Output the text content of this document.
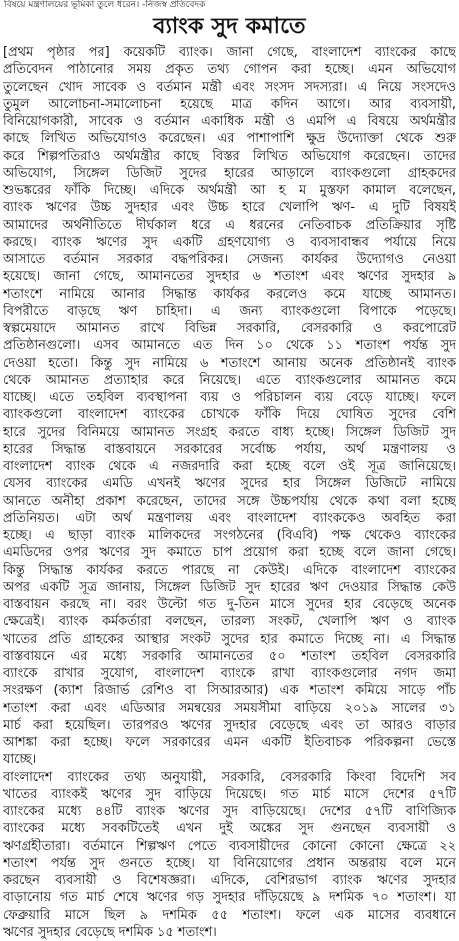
বিষয়ে মন্ত্রণালয়ের ভূমিকা তুলে ধরেন। -নিজস্ব প্রতিবেদক
ব্যাংক সুদ কমাতে
[প্রথম পৃষ্ঠার পর] কয়েকটি ব্যাংক। জানা গেছে, বাংলাদেশ ব্যাংকের কাছে
প্রতিবেদন পাঠানোর সময় প্রকৃত তথ্য গোপন করা হচ্ছে। এমন অভিযোগ
তুলেছেন খোদ সাবেক ও বর্তমান মন্ত্রী এবং সংসদ সদস্যরা। এ নিয়ে সংসদেও
তুমুল আলোচনা-সমালোচনা হয়েছে মাত্র কদিন আগে। আর ব্যবসায়ী,
বিনিয়োগকারী, সাবেক ও বর্তমান একাধিক মন্ত্রী ও এমপি এ বিষয়ে অর্থমন্ত্রীর
কাছে লিখিত অভিযোগও করেছেন। এর পাশাপাশি ক্ষুদ্র উদ্যোক্তা থেকে শুরু
করে শিল্পপতিরাও অর্থমন্ত্রীর কাছে বিস্তর লিখিত অভিযোগ করেছেন। তাদের
অভিযোগ, সিঙ্গেল ডিজিট সুদের হারের আড়ালে ব্যাংকগুলো গ্রাহকদের
শুভঙ্করের ফাঁকি দিচ্ছে। এদিকে অর্থমন্ত্রী আ হ ম মুস্তফা কামাল বলেছেন,
ব্যাংক ঋণের উচ্চ সুদহার এবং উচ্চ হারে খেলাপি ঋণ- এ দুটি বিষয়ই
আমাদের অর্থনীতিতে দীর্ঘকাল ধরে এ ধরনের নেতিবাচক প্রতিক্রিয়ার সৃষ্টি
করছে। ব্যাংক ঋণের সুদ একটি গ্রহণযোগ্য ও ব্যবসাবান্ধব পর্যায়ে নিয়ে
আসাতে বর্তমান সরকার বদ্ধপরিকর। সেজন্য কার্যকর উদ্যোগও নেওয়া
হয়েছে। জানা গেছে, আমানতের সুদহার ৬ শতাংশ এবং ঋণের সুদহার ৯
শতাংশে নামিয়ে আনার সিদ্ধান্ত কার্যকর করলেও কমে যাচ্ছে আমানত।
বিপরীতে বাড়ছে ঋণ চাহিদা। এ জন্য ব্যাংকগুলো বিপাকে পড়েছে।
স্বল্পমেয়াদে আমানত রাখে বিভিন্ন সরকারি, বেসরকারি ও করপোরেট
প্রতিষ্ঠানগুলো। এসব আমানতে এত দিন ১০ থেকে ১১ শতাংশ পর্যন্ত সুদ
দেওয়া হতো। কিন্তু সুদ নামিয়ে ৬ শতাংশে আনায় অনেক প্রতিষ্ঠানই ব্যাংক
থেকে আমানত প্রত্যাহার করে নিয়েছে। এতে ব্যাংকগুলোর আমানত কমে
যাচ্ছে। এতে তহবিল ব্যবস্থাপনা ব্যয় ও পরিচালন ব্যয় বেড়ে যাচ্ছে। ফলে
ব্যাংকগুলো বাংলাদেশ ব্যাংকের চোখকে ফাঁকি দিয়ে ঘোষিত সুদের বেশি
হারে সুদের বিনিময়ে আমানত সংগ্রহ করতে বাধ্য হচ্ছে। সিঙ্গেল ডিজিট সুদ
হারের সিদ্ধান্ত বাস্তবায়নে সরকারের সর্বোচ্চ পর্যায়, অর্থ মন্ত্রণালয় ও
বাংলাদেশ ব্যাংক থেকে এ নজরদারি করা হচ্ছে বলে ওই সূত্র জানিয়েছে।
যেসব ব্যাংকের এমডি এখনই ঋণের সুদের হার সিঙ্গেল ডিজিটে নামিয়ে
আনতে অনীহা প্রকাশ করেছেন, তাদের সঙ্গে উচ্চপর্যায় থেকে কথা বলা হচ্ছে
প্রতিনিয়ত। এটা অর্থ মন্ত্রণালয় এবং বাংলাদেশ ব্যাংককেও অবহিত করা
হচ্ছে। এ ছাড়া ব্যাংক মালিকদের সংগঠনের (বিএবি) পক্ষ থেকেও ব্যাংকের
এমডিদের ওপর ঋণের সুদ কমাতে চাপ প্রয়োগ করা হচ্ছে বলে জানা গেছে।
কিন্তু সিদ্ধান্ত কার্যকর করতে পারছে না কেউই। এদিকে বাংলাদেশ ব্যাংকের
অপর একটি সূত্র জানায়, সিঙ্গেল ডিজিট সুদ হারের ঋণ দেওয়ার সিদ্ধান্ত কেউ
বাস্তবায়ন করছে না। বরং উল্টো গত দু-তিন মাসে সুদের হার বেড়েছে অনেক
ক্ষেত্রেই। ব্যাংক কর্মকর্তারা বলছেন, তারল্য সংকট, খেলাপি ঋণ ও ব্যাংক
খাতের প্রতি গ্রাহকের আস্থার সংকট সুদের হার কমাতে দিচ্ছে না। এ সিদ্ধান্ত
বাস্তবায়নে এর মধ্যে সরকারি আমানতের ৫০ শতাংশ তহবিল বেসরকারি
ব্যাংকে রাখার সুযোগ, বাংলাদেশ ব্যাংকে রাখা ব্যাংকগুলোর নগদ জমা
সংরক্ষণ (ক্যাশ রিজার্ভ রেশিও বা সিআরআর) এক শতাংশ কমিয়ে সাড়ে পাঁচ
শতাংশ করা এবং এডিআর সমন্বয়ের সময়সীমা বাড়িয়ে ২০১৯ সালের ৩১
মার্চ করা হয়েছিল। তারপরও ঋণের সুদহার বেড়েছে এবং তা আরও বাড়ার
আশঙ্কা করা হচ্ছে। ফলে সরকারের এমন একটি ইতিবাচক পরিকল্পনা ভেস্তে
যাচ্ছে।
বাংলাদেশ ব্যাংকের তথ্য অনুযায়ী, সরকারি, বেসরকারি কিংবা বিদেশি সব
খাতের ব্যাংকই ঋণের সুদ বাড়িয়ে দিয়েছে। গত মার্চ মাসে দেশের ৫৭টি
ব্যাংকের মধ্যে ৪৪টি ব্যাংক ঋণের সুদ বাড়িয়েছে। দেশের ৫৭টি বাণিজ্যিক
ব্যাংকের মধ্যে সবকটিতেই এখন দুই অঙ্কের সুদ গুনছেন ব্যবসায়ী ও
ঋণগ্রহীতারা। বর্তমানে শিল্পঋণ পেতে ব্যবসায়ীদের কোনো কোনো ক্ষেত্রে ২২
শতাংশ পর্যন্ত সুদ গুনতে হচ্ছে। যা বিনিয়োগের প্রধান অন্তরায় বলে মনে
করছেন ব্যবসায়ী ও বিশেষজ্ঞরা। এদিকে, বেশিরভাগ ব্যাংক ঋণের সুদহার
বাড়ানোয় গত মার্চ শেষে ঋণের গড় সুদহার দাঁড়িয়েছে ৯ দশমিক ৭০ শতাংশ। যা
ফেব্রুয়ারি মাসে ছিল ৯ দশমিক ৫৫ শতাংশ। ফলে এক মাসের ব্যবধানে
ঋণের সুদহার বেড়েছে দশমিক ১৫ শতাংশ।
